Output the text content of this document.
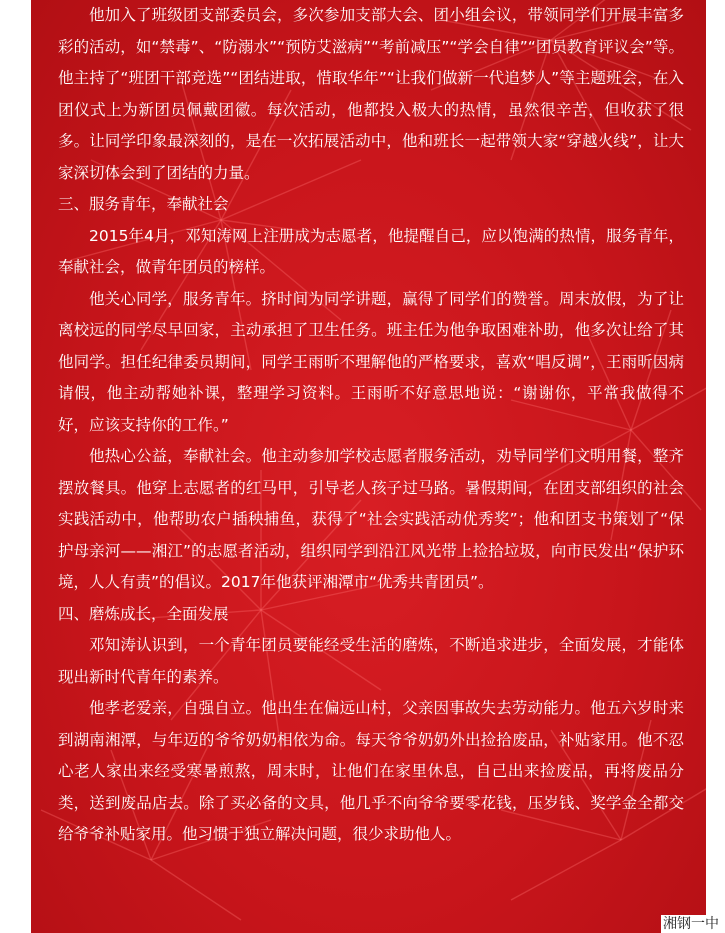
他加入了班级团支部委员会，多次参加支部大会、团小组会议，带领同学们开展丰富多彩的活动，如“禁毒”、“防溺水”“预防艾滋病”“考前减压”“学会自律”“团员教育评议会”等。他主持了“班团干部竞选”“团结进取，惜取华年”“让我们做新一代追梦人”等主题班会，在入团仪式上为新团员佩戴团徽。每次活动，他都投入极大的热情，虽然很辛苦，但收获了很多。让同学印象最深刻的，是在一次拓展活动中，他和班长一起带领大家“穿越火线”，让大家深切体会到了团结的力量。

三、服务青年，奉献社会

2015年4月，邓知涛网上注册成为志愿者，他提醒自己，应以饱满的热情，服务青年，奉献社会，做青年团员的榜样。

他关心同学，服务青年。挤时间为同学讲题，赢得了同学们的赞誉。周末放假，为了让离校远的同学尽早回家，主动承担了卫生任务。班主任为他争取困难补助，他多次让给了其他同学。担任纪律委员期间，同学王雨昕不理解他的严格要求，喜欢“唱反调”，王雨昕因病请假，他主动帮她补课，整理学习资料。王雨昕不好意思地说：“谢谢你，平常我做得不好，应该支持你的工作。”

他热心公益，奉献社会。他主动参加学校志愿者服务活动，劝导同学们文明用餐，整齐摆放餐具。他穿上志愿者的红马甲，引导老人孩子过马路。暑假期间，在团支部组织的社会实践活动中，他帮助农户插秧捕鱼，获得了“社会实践活动优秀奖”；他和团支书策划了“保护母亲河——湘江”的志愿者活动，组织同学到沿江风光带上捡拾垃圾，向市民发出“保护环境，人人有责”的倡议。2017年他获评湘潭市“优秀共青团员”。

四、磨炼成长，全面发展

邓知涛认识到，一个青年团员要能经受生活的磨炼，不断追求进步，全面发展，才能体现出新时代青年的素养。

他孝老爱亲，自强自立。他出生在偏远山村，父亲因事故失去劳动能力。他五六岁时来到湖南湘潭，与年迈的爷爷奶奶相依为命。每天爷爷奶奶外出捡拾废品，补贴家用。他不忍心老人家出来经受寒暑煎熬，周末时，让他们在家里休息，自己出来捡废品，再将废品分类，送到废品店去。除了买必备的文具，他几乎不向爷爷要零花钱，压岁钱、奖学金全都交给爷爷补贴家用。他习惯于独立解决问题，很少求助他人。

湘钢一中
